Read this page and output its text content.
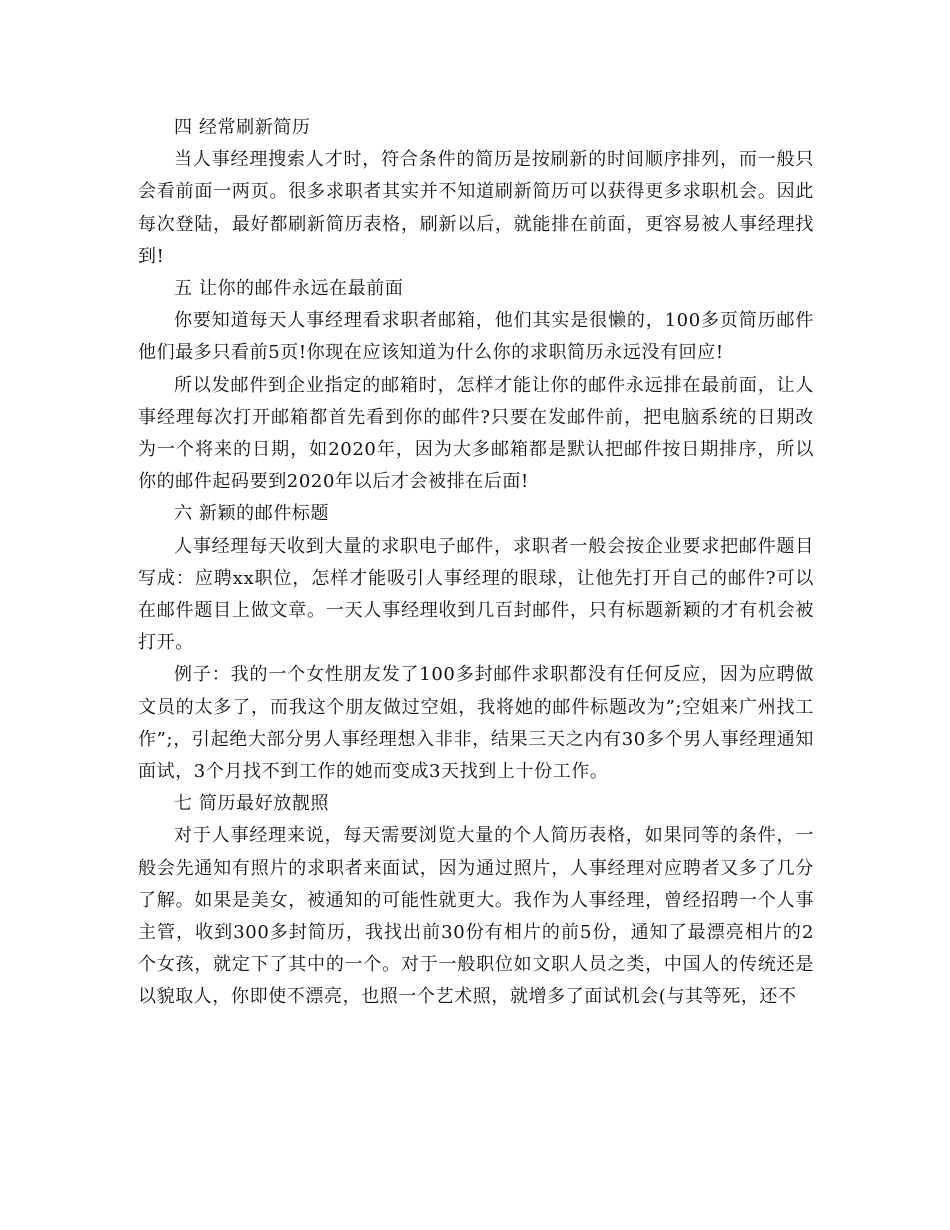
四 经常刷新简历

当人事经理搜索人才时，符合条件的简历是按刷新的时间顺序排列，而一般只会看前面一两页。很多求职者其实并不知道刷新简历可以获得更多求职机会。因此每次登陆，最好都刷新简历表格，刷新以后，就能排在前面，更容易被人事经理找到!

五 让你的邮件永远在最前面

你要知道每天人事经理看求职者邮箱，他们其实是很懒的，100多页简历邮件他们最多只看前5页!你现在应该知道为什么你的求职简历永远没有回应!

所以发邮件到企业指定的邮箱时，怎样才能让你的邮件永远排在最前面，让人事经理每次打开邮箱都首先看到你的邮件?只要在发邮件前，把电脑系统的日期改为一个将来的日期，如2020年，因为大多邮箱都是默认把邮件按日期排序，所以你的邮件起码要到2020年以后才会被排在后面!

六 新颖的邮件标题

人事经理每天收到大量的求职电子邮件，求职者一般会按企业要求把邮件题目写成：应聘xx职位，怎样才能吸引人事经理的眼球，让他先打开自己的邮件?可以在邮件题目上做文章。一天人事经理收到几百封邮件，只有标题新颖的才有机会被打开。

例子：我的一个女性朋友发了100多封邮件求职都没有任何反应，因为应聘做文员的太多了，而我这个朋友做过空姐，我将她的邮件标题改为”;空姐来广州找工作”;，引起绝大部分男人事经理想入非非，结果三天之内有30多个男人事经理通知面试，3个月找不到工作的她而变成3天找到上十份工作。

七 简历最好放靓照

对于人事经理来说，每天需要浏览大量的个人简历表格，如果同等的条件，一般会先通知有照片的求职者来面试，因为通过照片，人事经理对应聘者又多了几分了解。如果是美女，被通知的可能性就更大。我作为人事经理，曾经招聘一个人事主管，收到300多封简历，我找出前30份有相片的前5份，通知了最漂亮相片的2个女孩，就定下了其中的一个。对于一般职位如文职人员之类，中国人的传统还是以貌取人，你即使不漂亮，也照一个艺术照，就增多了面试机会(与其等死，还不
